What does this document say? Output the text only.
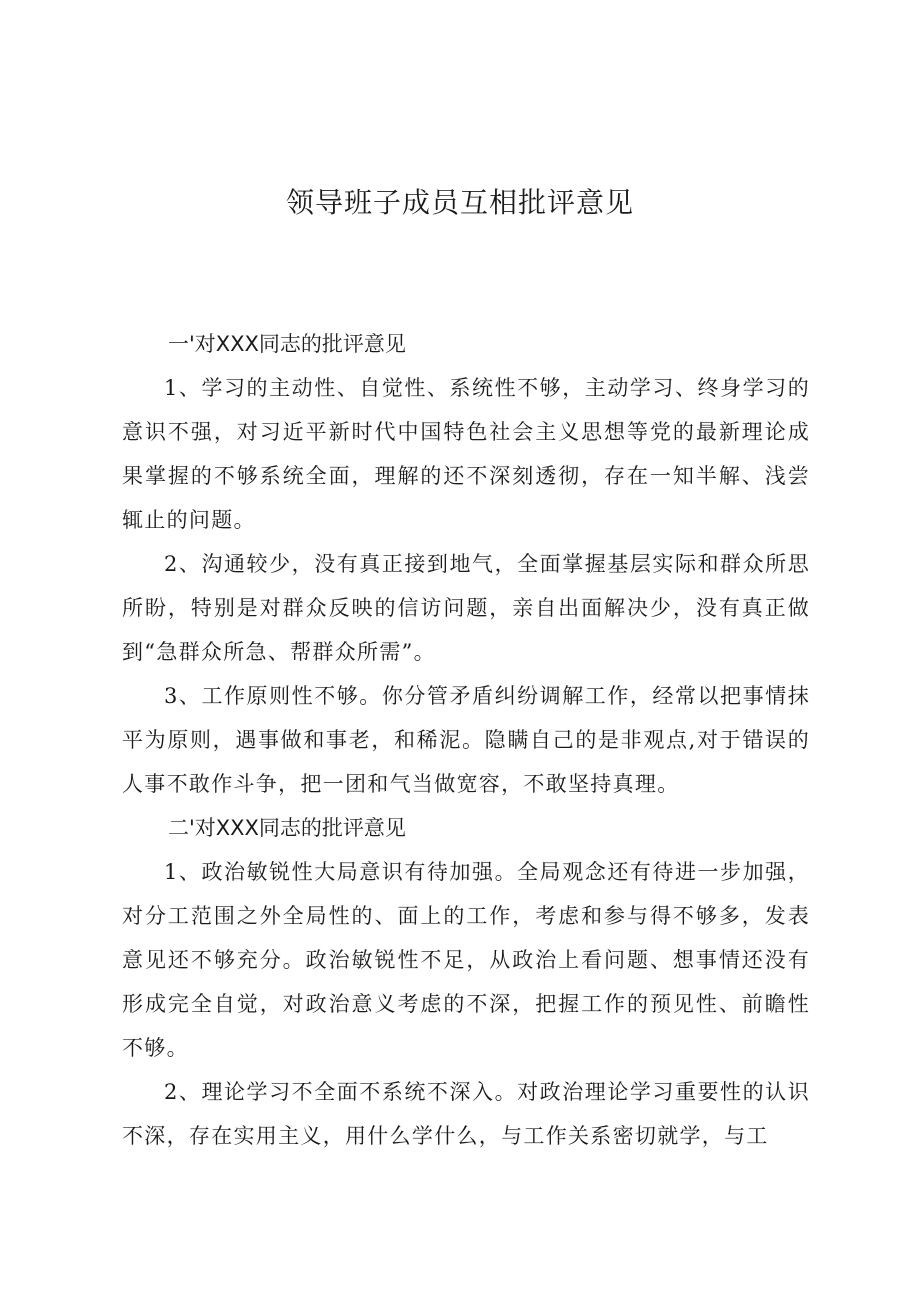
领导班子成员互相批评意见
一'对XXX同志的批评意见

1、学习的主动性、自觉性、系统性不够，主动学习、终身学习的意识不强，对习近平新时代中国特色社会主义思想等党的最新理论成果掌握的不够系统全面，理解的还不深刻透彻，存在一知半解、浅尝辄止的问题。

2、沟通较少，没有真正接到地气，全面掌握基层实际和群众所思所盼，特别是对群众反映的信访问题，亲自出面解决少，没有真正做到“急群众所急、帮群众所需”。

3、工作原则性不够。你分管矛盾纠纷调解工作，经常以把事情抹平为原则，遇事做和事老，和稀泥。隐瞒自己的是非观点,对于错误的人事不敢作斗争，把一团和气当做宽容，不敢坚持真理。

二'对XXX同志的批评意见

1、政治敏锐性大局意识有待加强。全局观念还有待进一步加强，对分工范围之外全局性的、面上的工作，考虑和参与得不够多，发表意见还不够充分。政治敏锐性不足，从政治上看问题、想事情还没有形成完全自觉，对政治意义考虑的不深，把握工作的预见性、前瞻性不够。

2、理论学习不全面不系统不深入。对政治理论学习重要性的认识不深，存在实用主义，用什么学什么，与工作关系密切就学，与工
